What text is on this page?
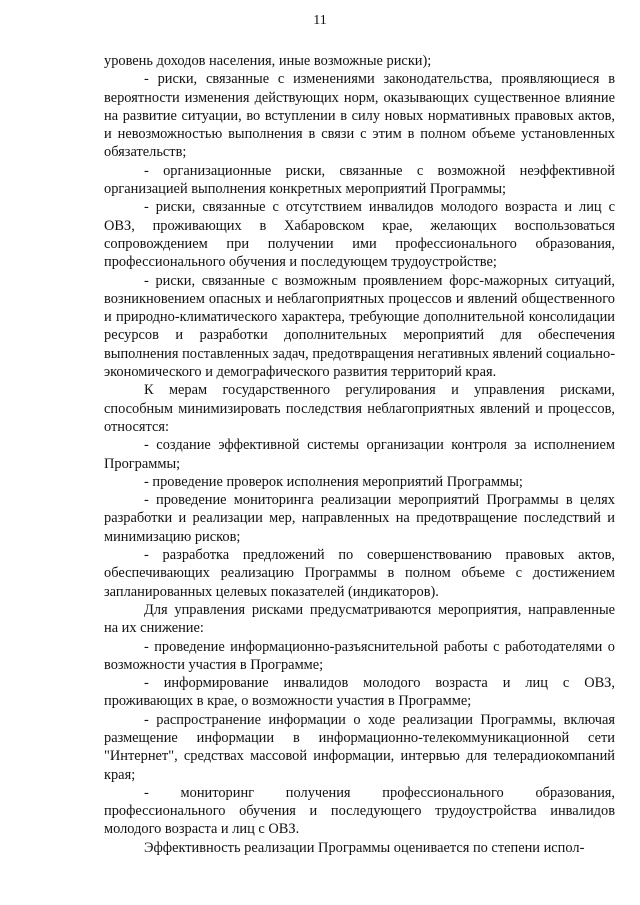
11

уровень доходов населения, иные возможные риски);

- риски, связанные с изменениями законодательства, проявляющиеся в вероятности изменения действующих норм, оказывающих существенное влияние на развитие ситуации, во вступлении в силу новых нормативных правовых актов, и невозможностью выполнения в связи с этим в полном объеме установленных обязательств;

- организационные риски, связанные с возможной неэффективной организацией выполнения конкретных мероприятий Программы;

- риски, связанные с отсутствием инвалидов молодого возраста и лиц с ОВЗ, проживающих в Хабаровском крае, желающих воспользоваться сопровождением при получении ими профессионального образования, профессионального обучения и последующем трудоустройстве;

- риски, связанные с возможным проявлением форс-мажорных ситуаций, возникновением опасных и неблагоприятных процессов и явлений общественного и природно-климатического характера, требующие дополнительной консолидации ресурсов и разработки дополнительных мероприятий для обеспечения выполнения поставленных задач, предотвращения негативных явлений социально-экономического и демографического развития территорий края.

К мерам государственного регулирования и управления рисками, способным минимизировать последствия неблагоприятных явлений и процессов, относятся:

- создание эффективной системы организации контроля за исполнением Программы;

- проведение проверок исполнения мероприятий Программы;

- проведение мониторинга реализации мероприятий Программы в целях разработки и реализации мер, направленных на предотвращение последствий и минимизацию рисков;

- разработка предложений по совершенствованию правовых актов, обеспечивающих реализацию Программы в полном объеме с достижением запланированных целевых показателей (индикаторов).

Для управления рисками предусматриваются мероприятия, направленные на их снижение:

- проведение информационно-разъяснительной работы с работодателями о возможности участия в Программе;

- информирование инвалидов молодого возраста и лиц с ОВЗ, проживающих в крае, о возможности участия в Программе;

- распространение информации о ходе реализации Программы, включая размещение информации в информационно-телекоммуникационной сети "Интернет", средствах массовой информации, интервью для телерадиокомпаний края;

- мониторинг получения профессионального образования, профессионального обучения и последующего трудоустройства инвалидов молодого возраста и лиц с ОВЗ.

Эффективность реализации Программы оценивается по степени испол-
